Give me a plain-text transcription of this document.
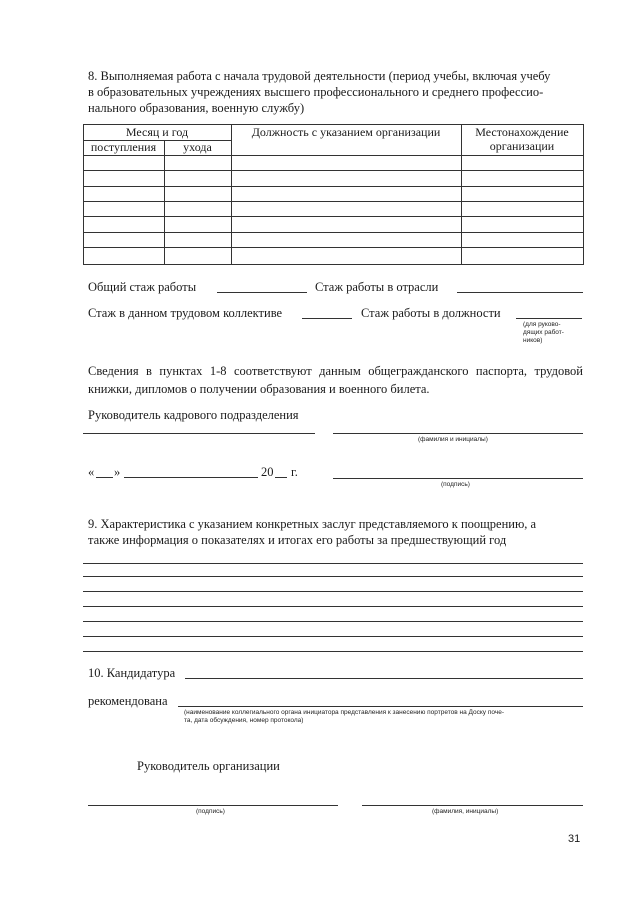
8. Выполняемая работа с начала трудовой деятельности (период учебы, включая учебу
в образовательных учреждениях высшего профессионального и среднего профессио-
нального образования, военную службу)
Месяц и год
поступления	ухода
Должность с указанием организации	Местонахождение
организации
Общий стаж работы	Стаж работы в отрасли
Стаж в данном трудовом коллективе	Стаж работы в должности
(для руково-
дящих работ-
ников)
Сведения в пунктах 1-8 соответствуют данным общегражданского паспорта, трудовой
книжки, дипломов о получении образования и военного билета.
Руководитель кадрового подразделения
(фамилия и инициалы)
« »	20 г.
(подпись)
9. Характеристика с указанием конкретных заслуг представляемого к поощрению, а
также информация о показателях и итогах его работы за предшествующий год
10. Кандидатура
рекомендована
(наименование коллегиального органа инициатора представления к занесению портретов на Доску поче-
та, дата обсуждения, номер протокола)
Руководитель организации
(подпись)	(фамилия, инициалы)
31
